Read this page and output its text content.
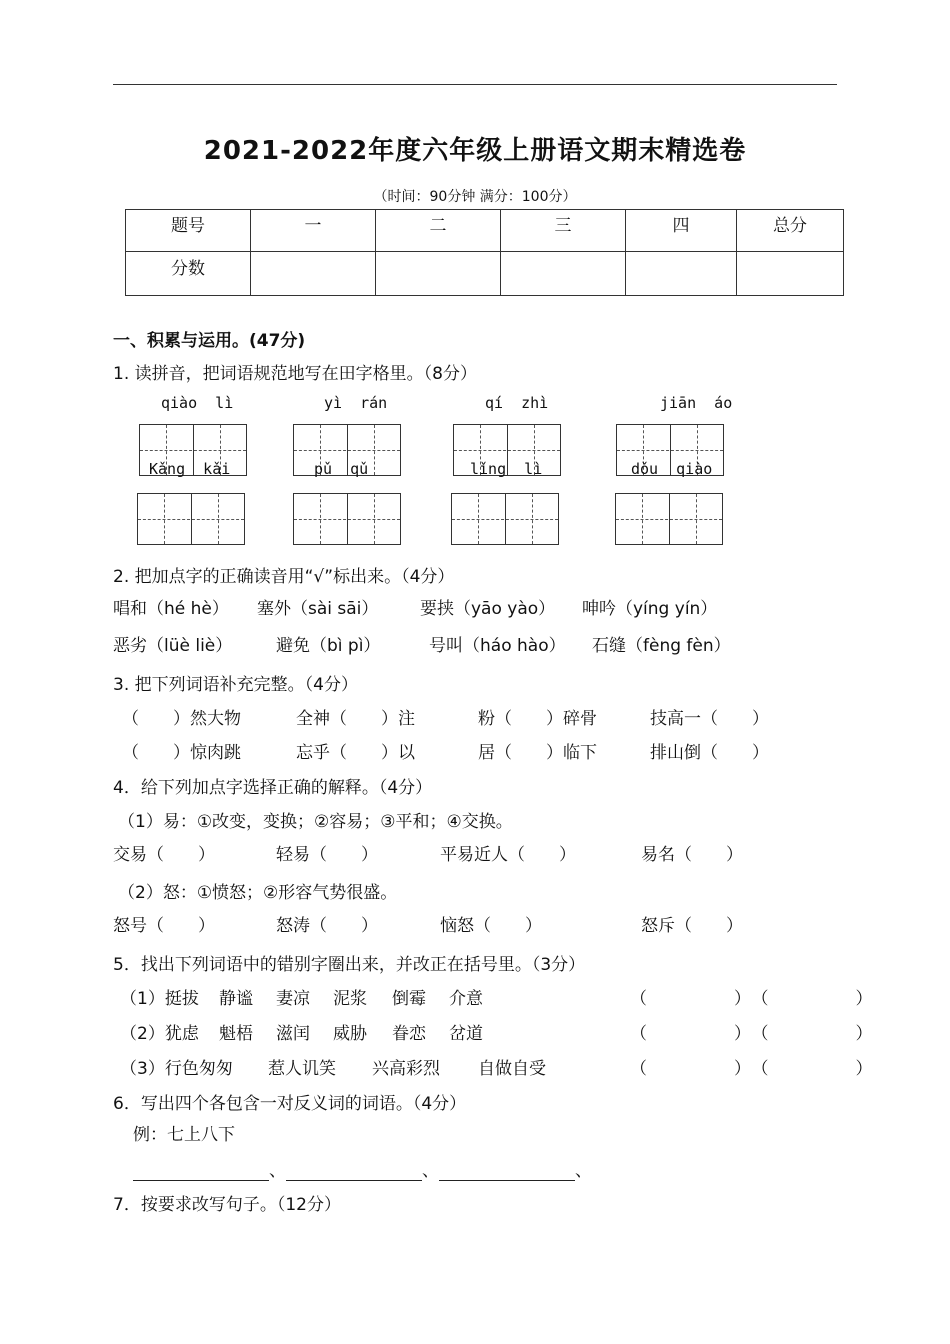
2021-2022年度六年级上册语文期末精选卷
（时间：90分钟 满分：100分）
题号	一	二	三	四	总分
分数					
一、积累与运用。(47分)
1. 读拼音，把词语规范地写在田字格里。（8分）
qiào  lì	yì  rán	qí  zhì	jiān  áo
Kǎng  kǎi	pǔ  qǔ	lǐng  lì	dǒu  qiào
2. 把加点字的正确读音用“√”标出来。（4分）
唱和（hé hè） 塞外（sài sāi） 要挟（yāo yào） 呻吟（yíng yín）
恶劣（lüè liè）	避免（bì pì）	号叫（háo hào） 石缝（fèng fèn）
3. 把下列词语补充完整。（4分）
（　　）然大物	全神（　　）注	粉（　　）碎骨	技高一（　　）
（　　）惊肉跳	忘乎（　　）以	居（　　）临下	排山倒（　　）
4．给下列加点字选择正确的解释。（4分）
（1）易：①改变，变换；②容易；③平和；④交换。
交易（　　）	轻易（　　）	平易近人（　　）	易名（　　）
（2）怒：①愤怒；②形容气势很盛。
怒号（　　）	怒涛（　　）	恼怒（　　）	怒斥（　　）
5．找出下列词语中的错别字圈出来，并改正在括号里。（3分）
（1）挺拔 静谧 妻凉 泥浆 倒霉 介意	（　　　）（　　　）
（2）犹虑 魁梧 滋闰 威胁 眷恋 岔道	（　　　）（　　　）
（3）行色匆匆 惹人讥笑 兴高彩烈 自做自受	（　　　）（　　　）
6．写出四个各包含一对反义词的词语。（4分）
例：七上八下
、	、	、
7．按要求改写句子。（12分）
